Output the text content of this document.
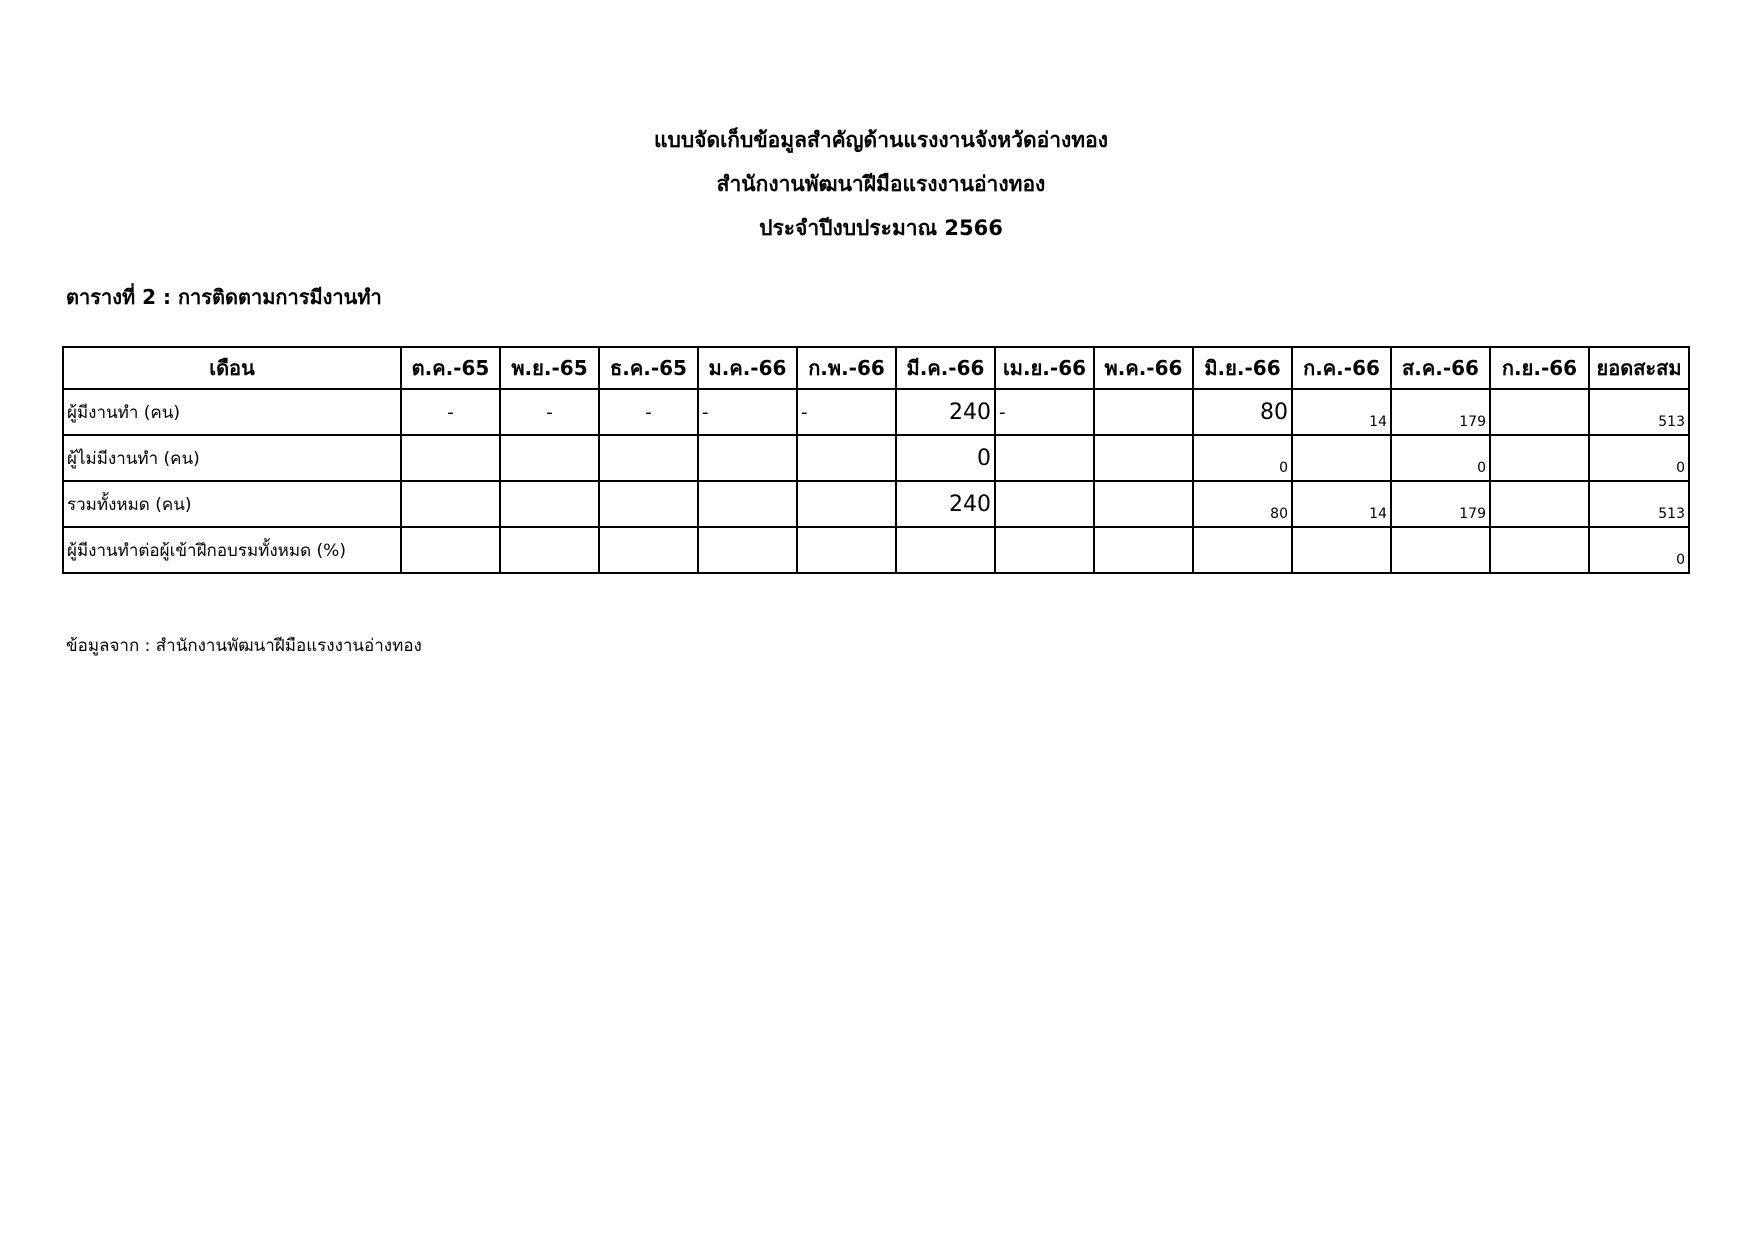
แบบจัดเก็บข้อมูลสำคัญด้านแรงงานจังหวัดอ่างทอง
สำนักงานพัฒนาฝีมือแรงงานอ่างทอง
ประจำปีงบประมาณ 2566
ตารางที่ 2 : การติดตามการมีงานทำ
เดือน	ต.ค.-65	พ.ย.-65	ธ.ค.-65	ม.ค.-66	ก.พ.-66	มี.ค.-66	เม.ย.-66	พ.ค.-66	มิ.ย.-66	ก.ค.-66	ส.ค.-66	ก.ย.-66	ยอดสะสม
ผู้มีงานทำ (คน)	-	-	-	-	-	240	-		80	14	179		513
ผู้ไม่มีงานทำ (คน)						0			0		0		0
รวมทั้งหมด (คน)						240			80	14	179		513
ผู้มีงานทำต่อผู้เข้าฝึกอบรมทั้งหมด (%)													0
ข้อมูลจาก : สำนักงานพัฒนาฝีมือแรงงานอ่างทอง
